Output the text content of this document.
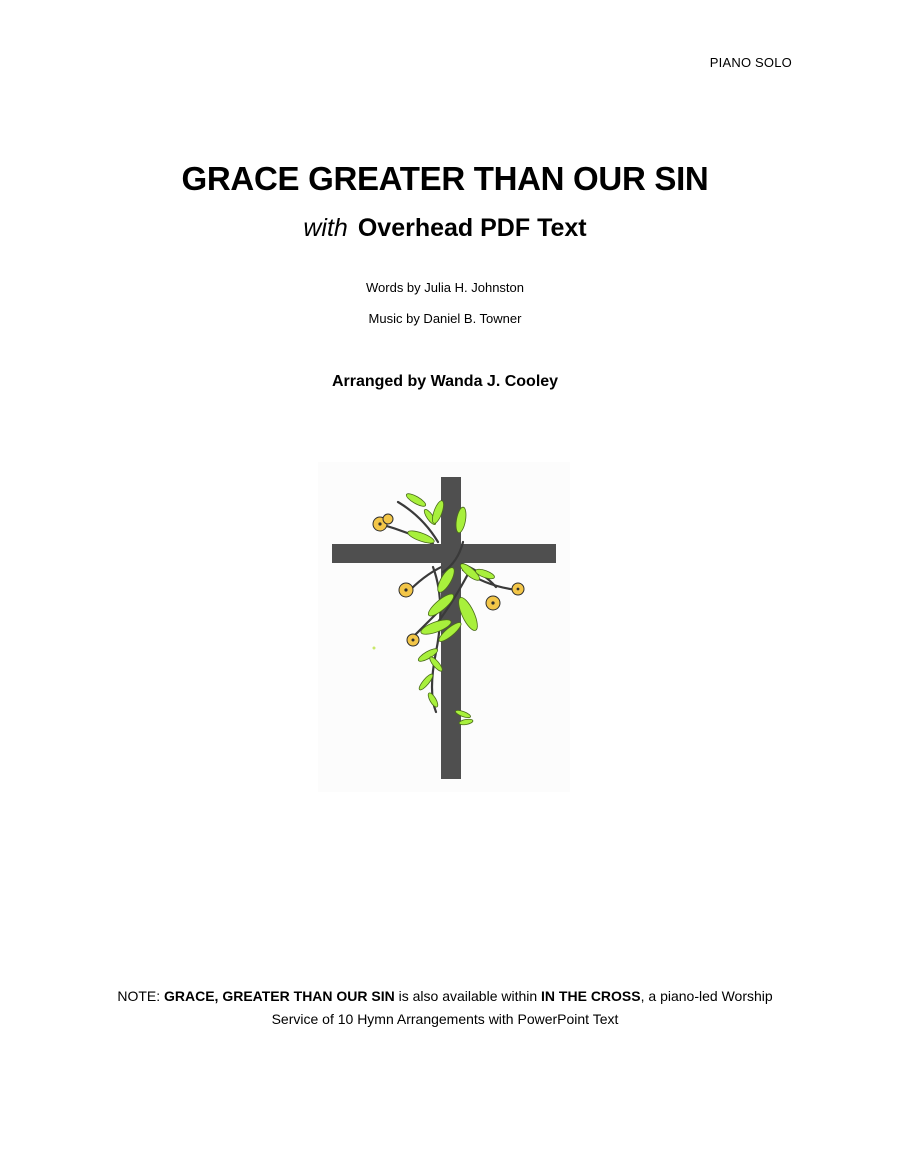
PIANO SOLO
GRACE GREATER THAN OUR SIN
with Overhead PDF Text
Words by Julia H. Johnston
Music by Daniel B. Towner
Arranged by Wanda J. Cooley
NOTE: GRACE, GREATER THAN OUR SIN is also available within IN THE CROSS, a piano-led Worship
Service of 10 Hymn Arrangements with PowerPoint Text
